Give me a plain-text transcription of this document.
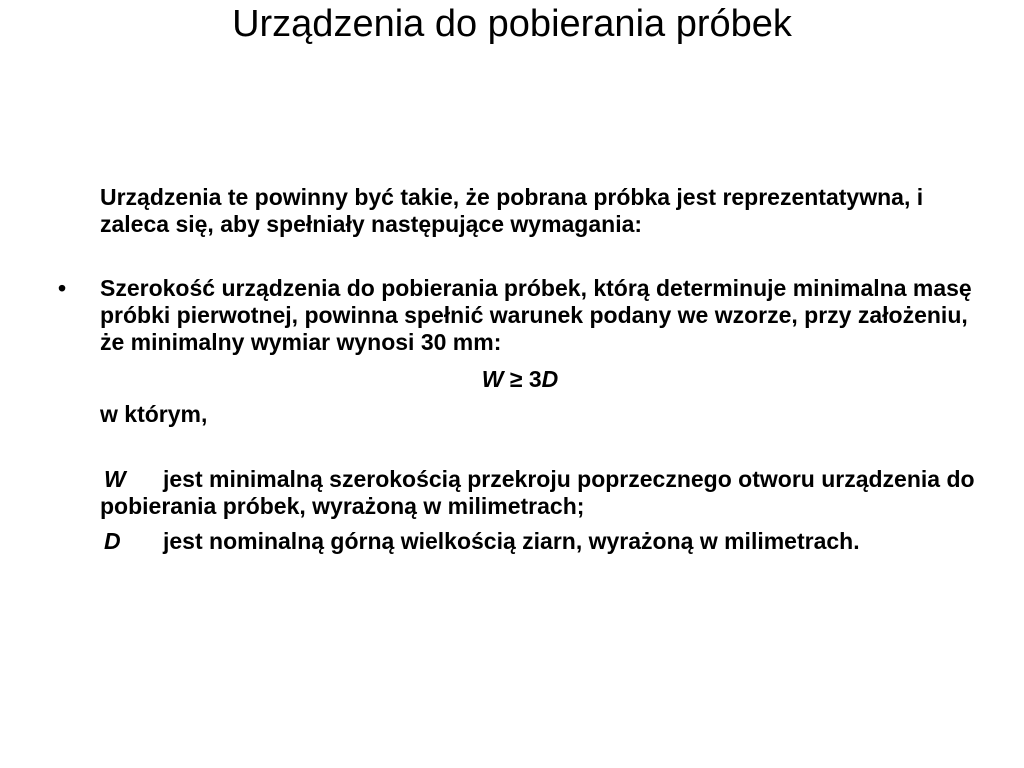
Urządzenia do pobierania próbek

Urządzenia te powinny być takie, że pobrana próbka jest reprezentatywna, i zaleca się, aby spełniały następujące wymagania:

• Szerokość urządzenia do pobierania próbek, którą determinuje minimalna masę próbki pierwotnej, powinna spełnić warunek podany we wzorze, przy założeniu, że minimalny wymiar wynosi 30 mm:

W ≥ 3D

w którym,

W jest minimalną szerokością przekroju poprzecznego otworu urządzenia do pobierania próbek, wyrażoną w milimetrach;

D jest nominalną górną wielkością ziarn, wyrażoną w milimetrach.
